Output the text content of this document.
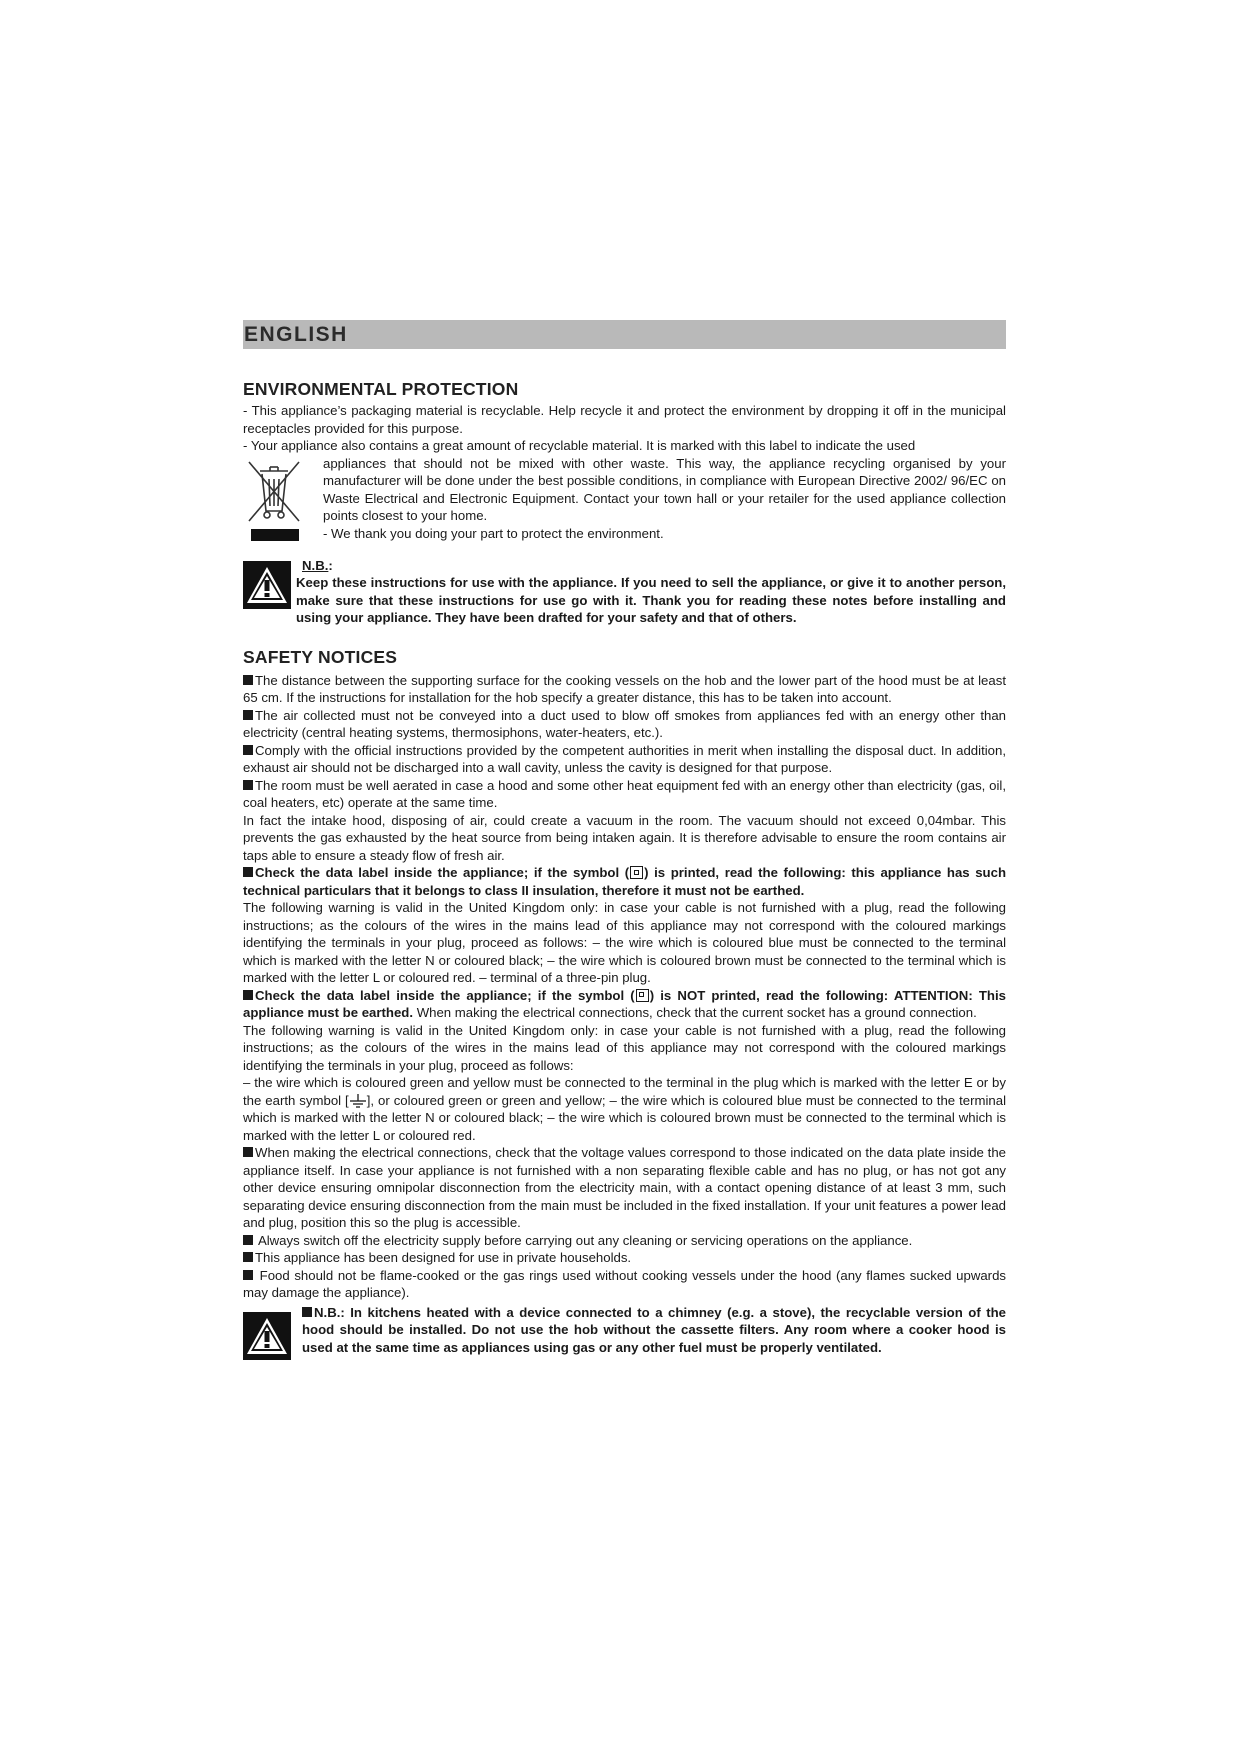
ENGLISH
ENVIRONMENTAL PROTECTION

- This appliance’s packaging material is recyclable. Help recycle it and protect the environment by dropping it off in the municipal receptacles provided for this purpose.

- Your appliance also contains a great amount of recyclable material. It is marked with this label to indicate the used

appliances that should not be mixed with other waste. This way, the appliance recycling organised by your manufacturer will be done under the best possible conditions, in compliance with European Directive 2002/ 96/EC on Waste Electrical and Electronic Equipment. Contact your town hall or your retailer for the used appliance collection points closest to your home.

- We thank you doing your part to protect the environment.

N.B.:

Keep these instructions for use with the appliance. If you need to sell the appliance, or give it to another person, make sure that these instructions for use go with it. Thank you for reading these notes before installing and using your appliance. They have been drafted for your safety and that of others.

SAFETY NOTICES

The distance between the supporting surface for the cooking vessels on the hob and the lower part of the hood must be at least 65 cm. If the instructions for installation for the hob specify a greater distance, this has to be taken into account.

The air collected must not be conveyed into a duct used to blow off smokes from appliances fed with an energy other than electricity (central heating systems, thermosiphons, water-heaters, etc.).

Comply with the official instructions provided by the competent authorities in merit when installing the disposal duct. In addition, exhaust air should not be discharged into a wall cavity, unless the cavity is designed for that purpose.

The room must be well aerated in case a hood and some other heat equipment fed with an energy other than electricity (gas, oil, coal heaters, etc) operate at the same time.

In fact the intake hood, disposing of air, could create a vacuum in the room. The vacuum should not exceed 0,04mbar. This prevents the gas exhausted by the heat source from being intaken again. It is therefore advisable to ensure the room contains air taps able to ensure a steady flow of fresh air.

Check the data label inside the appliance; if the symbol ( ) is printed, read the following: this appliance has such technical particulars that it belongs to class II insulation, therefore it must not be earthed.

The following warning is valid in the United Kingdom only: in case your cable is not furnished with a plug, read the following instructions; as the colours of the wires in the mains lead of this appliance may not correspond with the coloured markings identifying the terminals in your plug, proceed as follows: – the wire which is coloured blue must be connected to the terminal which is marked with the letter N or coloured black; – the wire which is coloured brown must be connected to the terminal which is marked with the letter L or coloured red. – terminal of a three-pin plug.

Check the data label inside the appliance; if the symbol ( ) is NOT printed, read the following: ATTENTION: This appliance must be earthed. When making the electrical connections, check that the current socket has a ground connection.

The following warning is valid in the United Kingdom only: in case your cable is not furnished with a plug, read the following instructions; as the colours of the wires in the mains lead of this appliance may not correspond with the coloured markings identifying the terminals in your plug, proceed as follows:

– the wire which is coloured green and yellow must be connected to the terminal in the plug which is marked with the letter E or by the earth symbol [ ], or coloured green or green and yellow; – the wire which is coloured blue must be connected to the terminal which is marked with the letter N or coloured black; – the wire which is coloured brown must be connected to the terminal which is marked with the letter L or coloured red.

When making the electrical connections, check that the voltage values correspond to those indicated on the data plate inside the appliance itself. In case your appliance is not furnished with a non separating flexible cable and has no plug, or has not got any other device ensuring omnipolar disconnection from the electricity main, with a contact opening distance of at least 3 mm, such separating device ensuring disconnection from the main must be included in the fixed installation. If your unit features a power lead and plug, position this so the plug is accessible.

Always switch off the electricity supply before carrying out any cleaning or servicing operations on the appliance.

This appliance has been designed for use in private households.

Food should not be flame-cooked or the gas rings used without cooking vessels under the hood (any flames sucked upwards may damage the appliance).

N.B.: In kitchens heated with a device connected to a chimney (e.g. a stove), the recyclable version of the hood should be installed. Do not use the hob without the cassette filters. Any room where a cooker hood is used at the same time as appliances using gas or any other fuel must be properly ventilated.
